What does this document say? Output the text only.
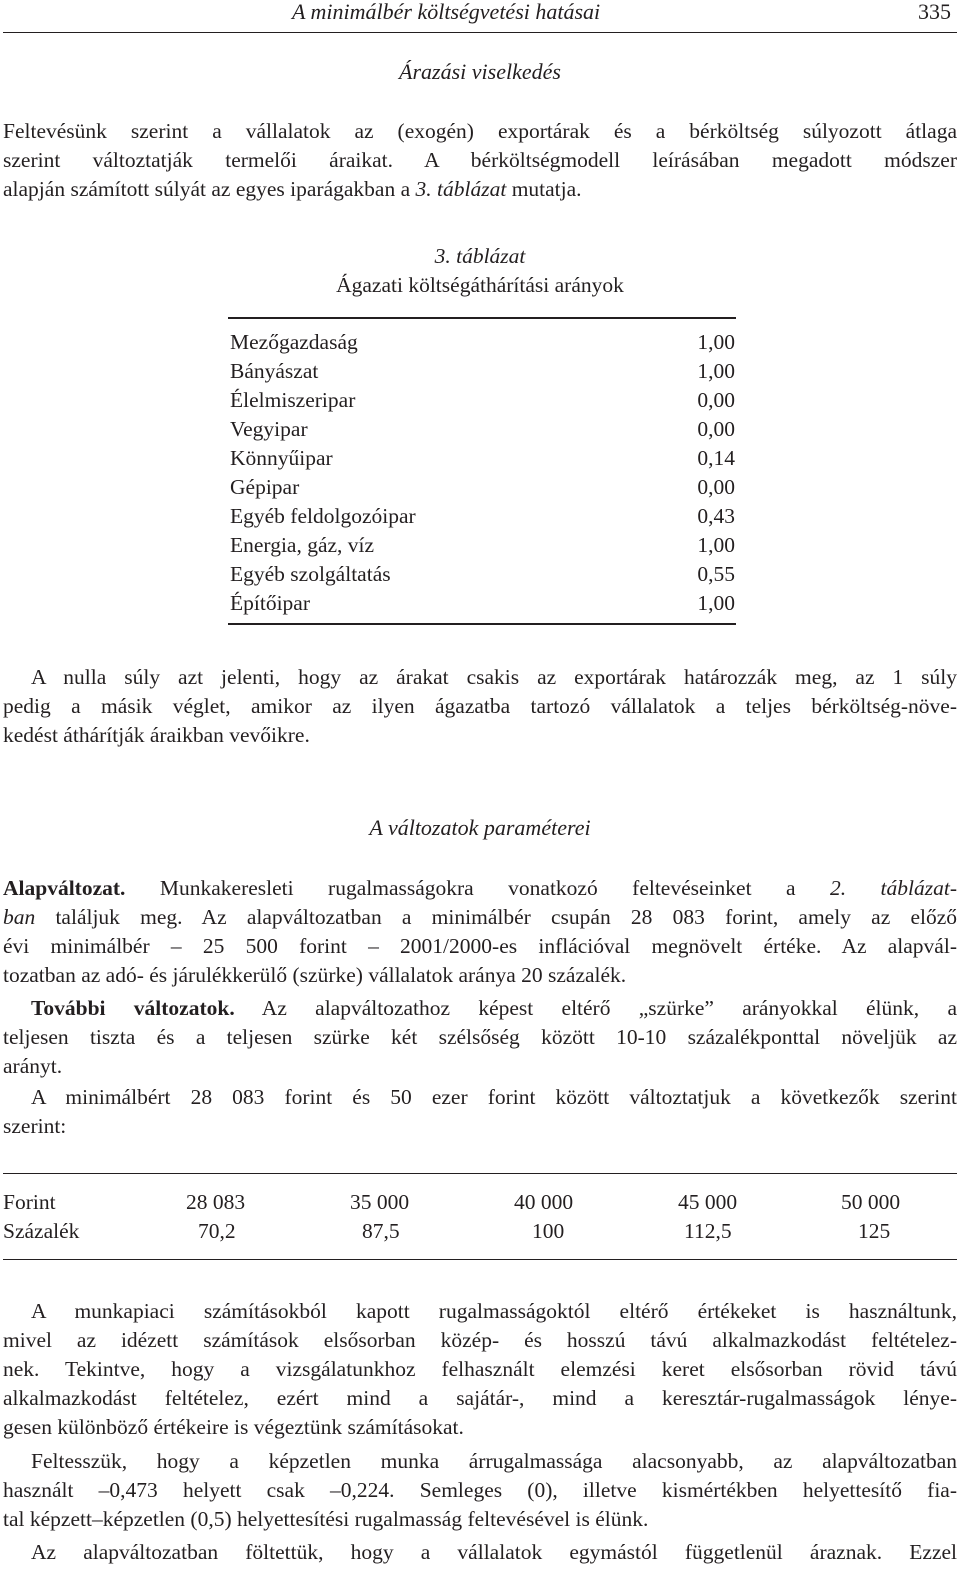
A minimálbér költségvetési hatásai	335
Árazási viselkedés
Feltevésünk szerint a vállalatok az (exogén) exportárak és a bérköltség súlyozott átlaga
szerint változtatják termelői áraikat. A bérköltségmodell leírásában megadott módszer
alapján számított súlyát az egyes iparágakban a 3. táblázat mutatja.
3. táblázat
Ágazati költségáthárítási arányok
Mezőgazdaság	1,00
Bányászat	1,00
Élelmiszeripar	0,00
Vegyipar	0,00
Könnyűipar	0,14
Gépipar	0,00
Egyéb feldolgozóipar	0,43
Energia, gáz, víz	1,00
Egyéb szolgáltatás	0,55
Építőipar	1,00
A nulla súly azt jelenti, hogy az árakat csakis az exportárak határozzák meg, az 1 súly
pedig a másik véglet, amikor az ilyen ágazatba tartozó vállalatok a teljes bérköltség-növe-
kedést áthárítják áraikban vevőikre.
A változatok paraméterei
Alapváltozat. Munkakeresleti rugalmasságokra vonatkozó feltevéseinket a 2. táblázat-
ban találjuk meg. Az alapváltozatban a minimálbér csupán 28 083 forint, amely az előző
évi minimálbér – 25 500 forint – 2001/2000-es inflációval megnövelt értéke. Az alapvál-
tozatban az adó- és járulékkerülő (szürke) vállalatok aránya 20 százalék.
További változatok. Az alapváltozathoz képest eltérő „szürke” arányokkal élünk, a
teljesen tiszta és a teljesen szürke két szélsőség között 10-10 százalékponttal növeljük az
arányt.
A minimálbért 28 083 forint és 50 ezer forint között változtatjuk a következők szerint
szerint:
Forint	28 083	35 000	40 000	45 000	50 000
Százalék	70,2	87,5	100	112,5	125
A munkapiaci számításokból kapott rugalmasságoktól eltérő értékeket is használtunk,
mivel az idézett számítások elsősorban közép- és hosszú távú alkalmazkodást feltételez-
nek. Tekintve, hogy a vizsgálatunkhoz felhasznált elemzési keret elsősorban rövid távú
alkalmazkodást feltételez, ezért mind a sajátár-, mind a keresztár-rugalmasságok lénye-
gesen különböző értékeire is végeztünk számításokat.
Feltesszük, hogy a képzetlen munka árrugalmassága alacsonyabb, az alapváltozatban
használt –0,473 helyett csak –0,224. Semleges (0), illetve kismértékben helyettesítő fia-
tal képzett–képzetlen (0,5) helyettesítési rugalmasság feltevésével is élünk.
Az alapváltozatban föltettük, hogy a vállalatok egymástól függetlenül áraznak. Ezzel
